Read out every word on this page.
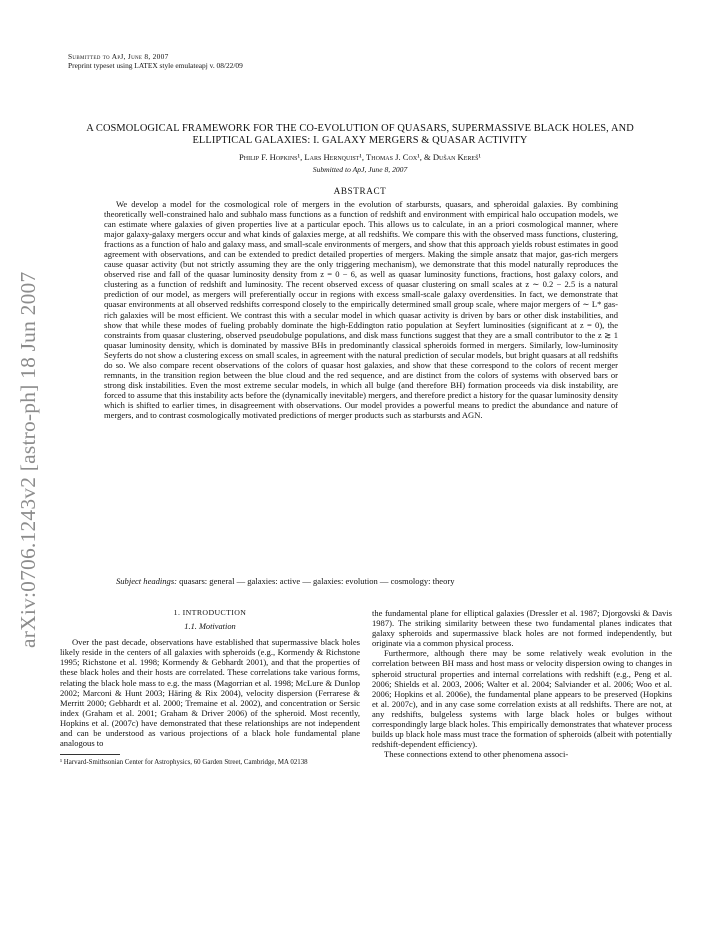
arXiv:0706.1243v2 [astro-ph] 18 Jun 2007
Submitted to ApJ, June 8, 2007
Preprint typeset using LATEX style emulateapj v. 08/22/09
A COSMOLOGICAL FRAMEWORK FOR THE CO-EVOLUTION OF QUASARS, SUPERMASSIVE BLACK HOLES, AND ELLIPTICAL GALAXIES: I. GALAXY MERGERS & QUASAR ACTIVITY
Philip F. Hopkins¹, Lars Hernquist¹, Thomas J. Cox¹, & Dušan Kereš¹
Submitted to ApJ, June 8, 2007
ABSTRACT
We develop a model for the cosmological role of mergers in the evolution of starbursts, quasars, and spheroidal galaxies. By combining theoretically well-constrained halo and subhalo mass functions as a function of redshift and environment with empirical halo occupation models, we can estimate where galaxies of given properties live at a particular epoch. This allows us to calculate, in an a priori cosmological manner, where major galaxy-galaxy mergers occur and what kinds of galaxies merge, at all redshifts. We compare this with the observed mass functions, clustering, fractions as a function of halo and galaxy mass, and small-scale environments of mergers, and show that this approach yields robust estimates in good agreement with observations, and can be extended to predict detailed properties of mergers. Making the simple ansatz that major, gas-rich mergers cause quasar activity (but not strictly assuming they are the only triggering mechanism), we demonstrate that this model naturally reproduces the observed rise and fall of the quasar luminosity density from z = 0 − 6, as well as quasar luminosity functions, fractions, host galaxy colors, and clustering as a function of redshift and luminosity. The recent observed excess of quasar clustering on small scales at z ∼ 0.2 − 2.5 is a natural prediction of our model, as mergers will preferentially occur in regions with excess small-scale galaxy overdensities. In fact, we demonstrate that quasar environments at all observed redshifts correspond closely to the empirically determined small group scale, where major mergers of ∼ L* gas-rich galaxies will be most efficient. We contrast this with a secular model in which quasar activity is driven by bars or other disk instabilities, and show that while these modes of fueling probably dominate the high-Eddington ratio population at Seyfert luminosities (significant at z = 0), the constraints from quasar clustering, observed pseudobulge populations, and disk mass functions suggest that they are a small contributor to the z ≳ 1 quasar luminosity density, which is dominated by massive BHs in predominantly classical spheroids formed in mergers. Similarly, low-luminosity Seyferts do not show a clustering excess on small scales, in agreement with the natural prediction of secular models, but bright quasars at all redshifts do so. We also compare recent observations of the colors of quasar host galaxies, and show that these correspond to the colors of recent merger remnants, in the transition region between the blue cloud and the red sequence, and are distinct from the colors of systems with observed bars or strong disk instabilities. Even the most extreme secular models, in which all bulge (and therefore BH) formation proceeds via disk instability, are forced to assume that this instability acts before the (dynamically inevitable) mergers, and therefore predict a history for the quasar luminosity density which is shifted to earlier times, in disagreement with observations. Our model provides a powerful means to predict the abundance and nature of mergers, and to contrast cosmologically motivated predictions of merger products such as starbursts and AGN.
Subject headings: quasars: general — galaxies: active — galaxies: evolution — cosmology: theory
1. INTRODUCTION
1.1. Motivation

Over the past decade, observations have established that supermassive black holes likely reside in the centers of all galaxies with spheroids (e.g., Kormendy & Richstone 1995; Richstone et al. 1998; Kormendy & Gebhardt 2001), and that the properties of these black holes and their hosts are correlated. These correlations take various forms, relating the black hole mass to e.g. the mass (Magorrian et al. 1998; McLure & Dunlop 2002; Marconi & Hunt 2003; Häring & Rix 2004), velocity dispersion (Ferrarese & Merritt 2000; Gebhardt et al. 2000; Tremaine et al. 2002), and concentration or Sersic index (Graham et al. 2001; Graham & Driver 2006) of the spheroid. Most recently, Hopkins et al. (2007c) have demonstrated that these relationships are not independent and can be understood as various projections of a black hole fundamental plane analogous to

¹ Harvard-Smithsonian Center for Astrophysics, 60 Garden Street, Cambridge, MA 02138

the fundamental plane for elliptical galaxies (Dressler et al. 1987; Djorgovski & Davis 1987). The striking similarity between these two fundamental planes indicates that galaxy spheroids and supermassive black holes are not formed independently, but originate via a common physical process.

Furthermore, although there may be some relatively weak evolution in the correlation between BH mass and host mass or velocity dispersion owing to changes in spheroid structural properties and internal correlations with redshift (e.g., Peng et al. 2006; Shields et al. 2003, 2006; Walter et al. 2004; Salviander et al. 2006; Woo et al. 2006; Hopkins et al. 2006e), the fundamental plane appears to be preserved (Hopkins et al. 2007c), and in any case some correlation exists at all redshifts. There are not, at any redshifts, bulgeless systems with large black holes or bulges without correspondingly large black holes. This empirically demonstrates that whatever process builds up black hole mass must trace the formation of spheroids (albeit with potentially redshift-dependent efficiency).

These connections extend to other phenomena associ-
